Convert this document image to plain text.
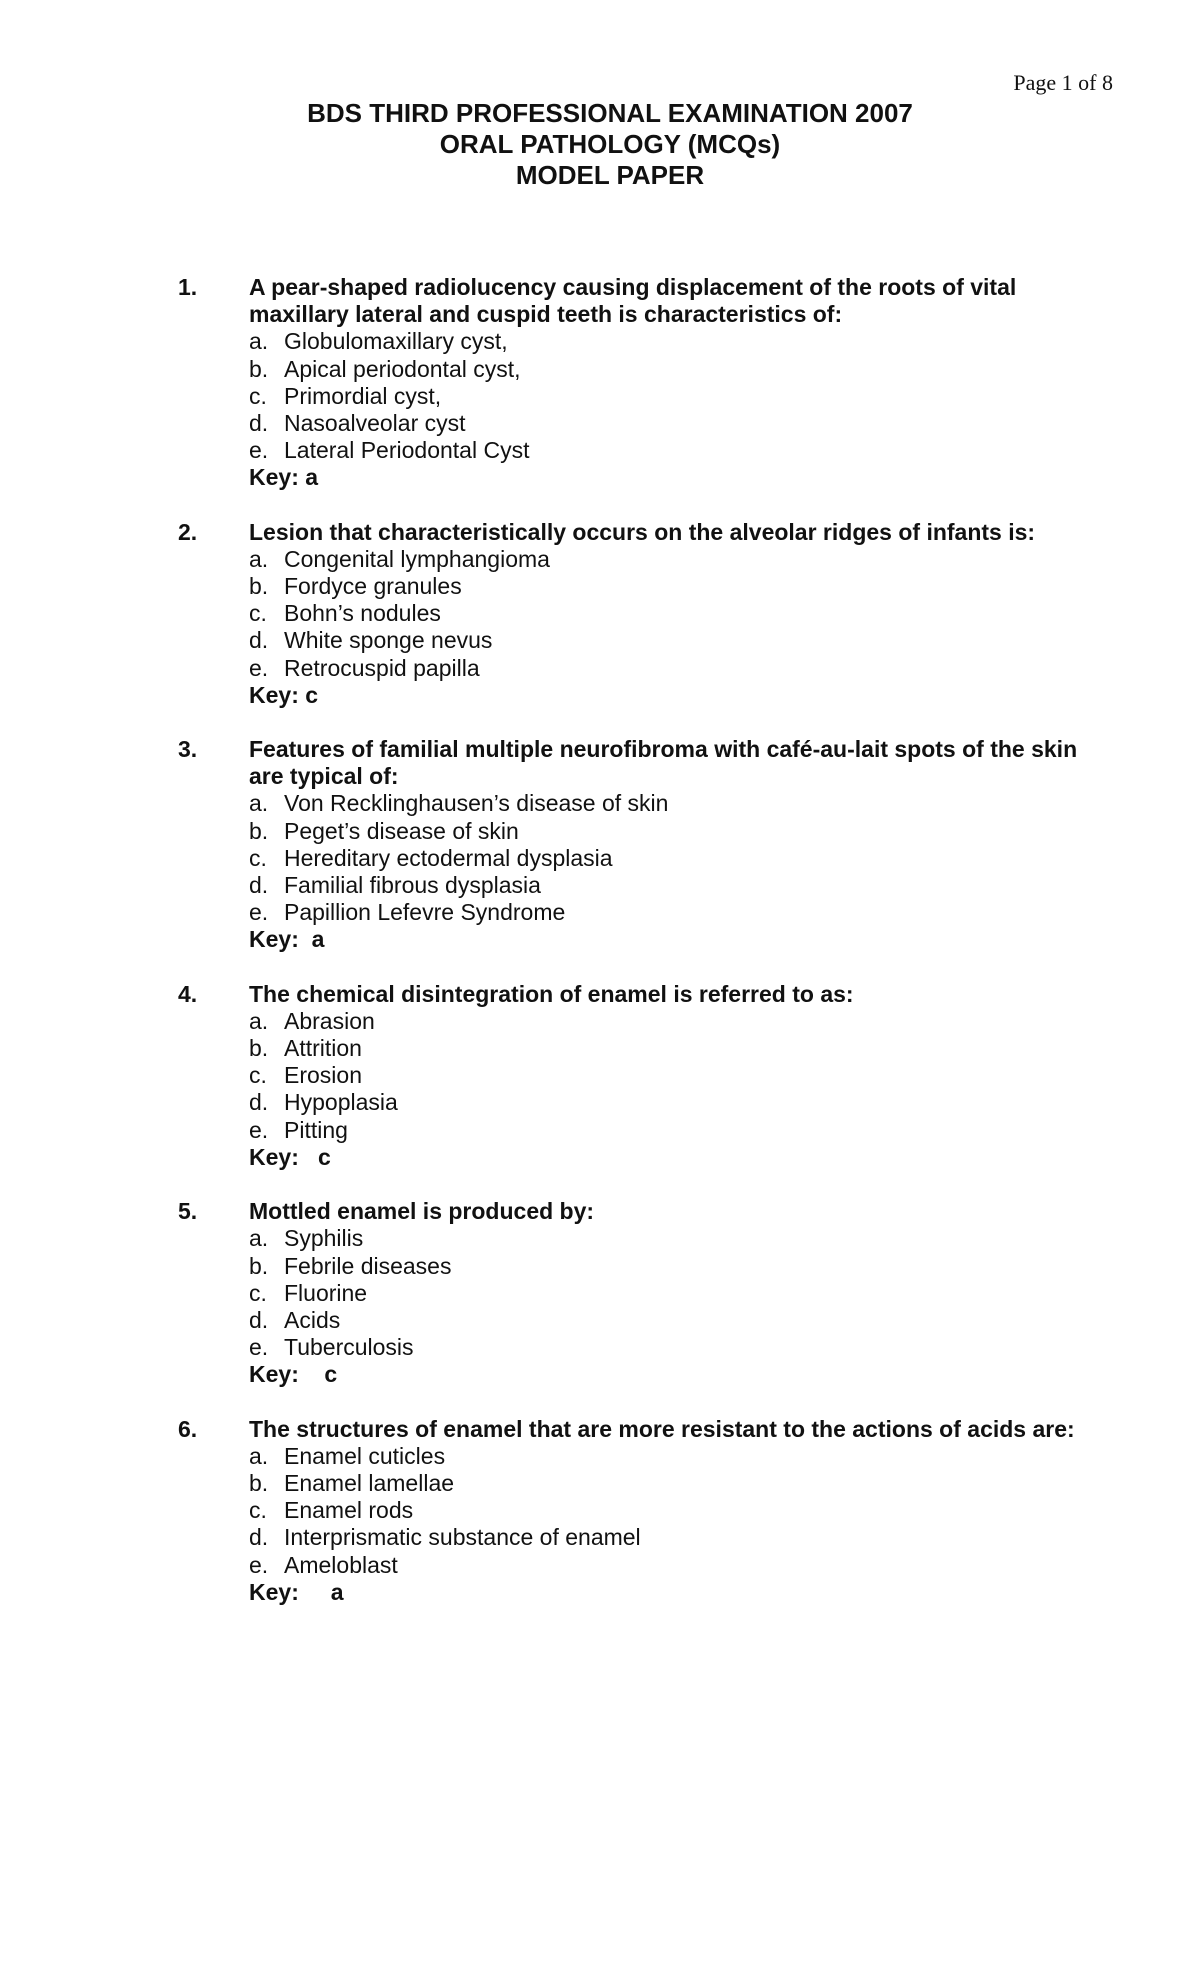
Page 1 of 8
BDS THIRD PROFESSIONAL EXAMINATION 2007
ORAL PATHOLOGY (MCQs)
MODEL PAPER
1. A pear-shaped radiolucency causing displacement of the roots of vital maxillary lateral and cuspid teeth is characteristics of:
a. Globulomaxillary cyst,
b. Apical periodontal cyst,
c. Primordial cyst,
d. Nasoalveolar cyst
e. Lateral Periodontal Cyst
Key: a
2. Lesion that characteristically occurs on the alveolar ridges of infants is:
a. Congenital lymphangioma
b. Fordyce granules
c. Bohn’s nodules
d. White sponge nevus
e. Retrocuspid papilla
Key: c
3. Features of familial multiple neurofibroma with café-au-lait spots of the skin are typical of:
a. Von Recklinghausen’s disease of skin
b. Peget’s disease of skin
c. Hereditary ectodermal dysplasia
d. Familial fibrous dysplasia
e. Papillion Lefevre Syndrome
Key:  a
4. The chemical disintegration of enamel is referred to as:
a. Abrasion
b. Attrition
c. Erosion
d. Hypoplasia
e. Pitting
Key:   c
5. Mottled enamel is produced by:
a. Syphilis
b. Febrile diseases
c. Fluorine
d. Acids
e. Tuberculosis
Key:    c
6. The structures of enamel that are more resistant to the actions of acids are:
a. Enamel cuticles
b. Enamel lamellae
c. Enamel rods
d. Interprismatic substance of enamel
e. Ameloblast
Key:     a
